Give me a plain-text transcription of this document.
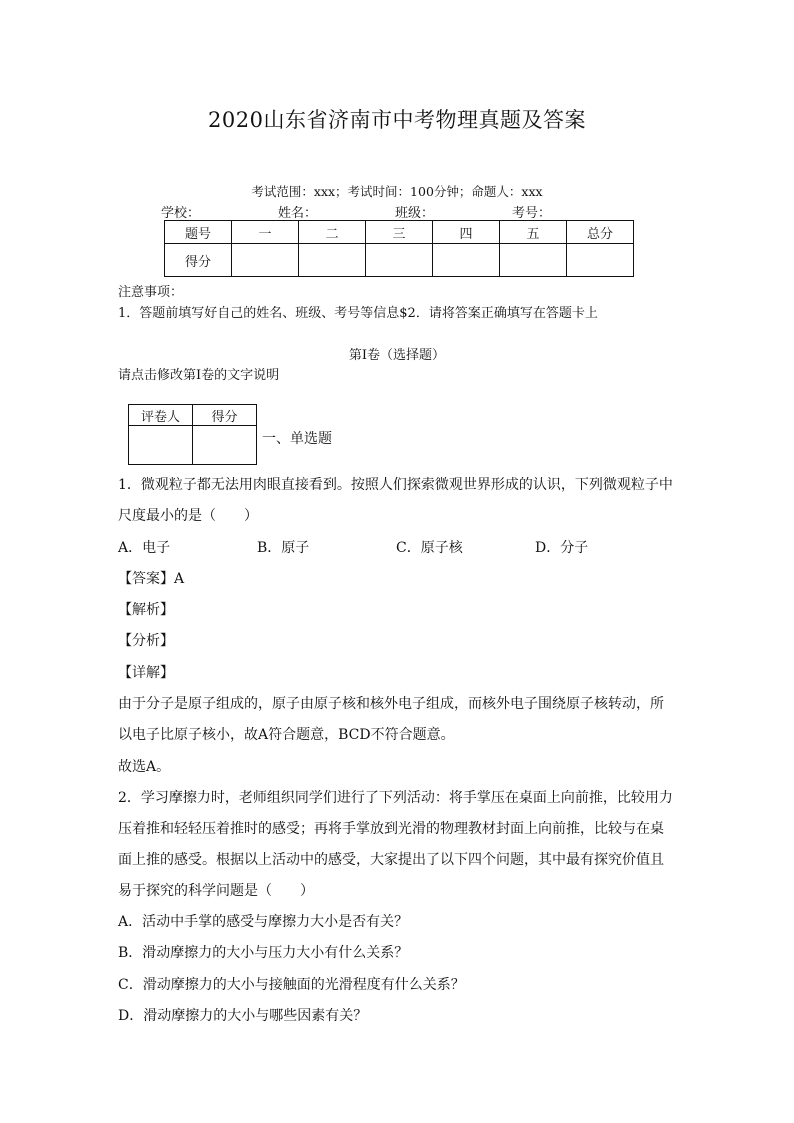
2020山东省济南市中考物理真题及答案
考试范围：xxx；考试时间：100分钟；命题人：xxx
学校：	姓名：	班级：	考号：
题号	一	二	三	四	五	总分
得分						
注意事项：
1．答题前填写好自己的姓名、班级、考号等信息$2．请将答案正确填写在答题卡上
第I卷（选择题）
请点击修改第I卷的文字说明
评卷人	得分

一、单选题
1．微观粒子都无法用肉眼直接看到。按照人们探索微观世界形成的认识，下列微观粒子中
尺度最小的是（　　）
A．电子	B．原子	C．原子核	D．分子
【答案】A
【解析】
【分析】
【详解】
由于分子是原子组成的，原子由原子核和核外电子组成，而核外电子围绕原子核转动，所
以电子比原子核小，故A符合题意，BCD不符合题意。
故选A。
2．学习摩擦力时，老师组织同学们进行了下列活动：将手掌压在桌面上向前推，比较用力
压着推和轻轻压着推时的感受；再将手掌放到光滑的物理教材封面上向前推，比较与在桌
面上推的感受。根据以上活动中的感受，大家提出了以下四个问题，其中最有探究价值且
易于探究的科学问题是（　　）
A．活动中手掌的感受与摩擦力大小是否有关？
B．滑动摩擦力的大小与压力大小有什么关系？
C．滑动摩擦力的大小与接触面的光滑程度有什么关系？
D．滑动摩擦力的大小与哪些因素有关？
